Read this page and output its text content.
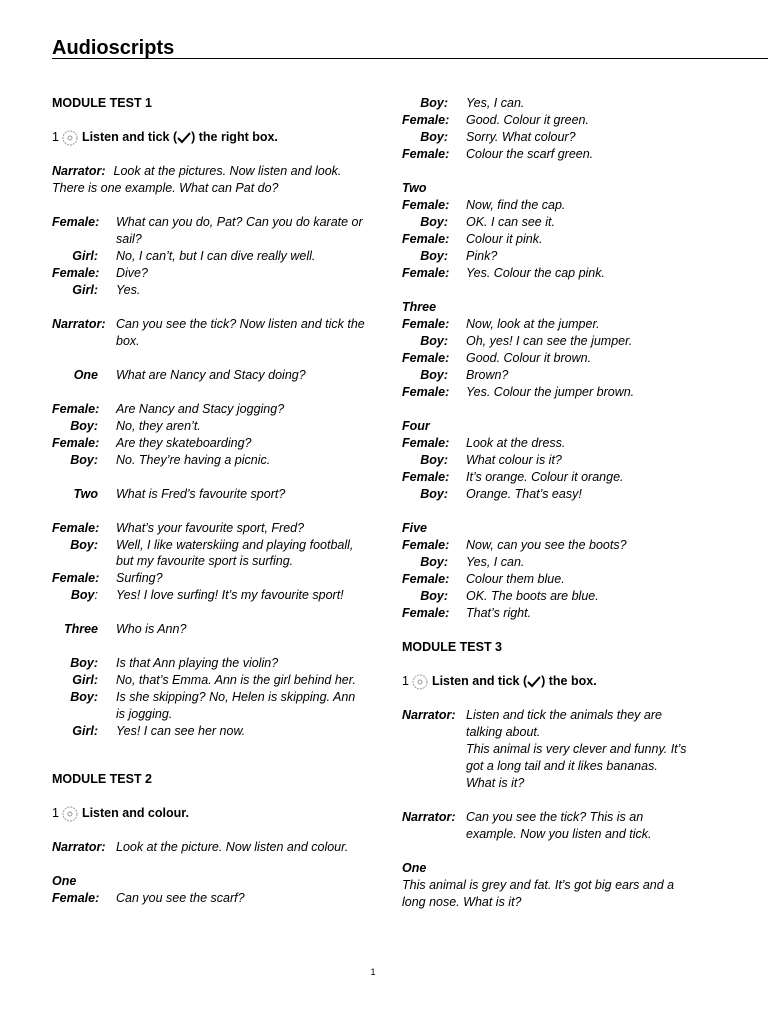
Audioscripts
MODULE TEST 1
1 Listen and tick ( ) the right box.
Narrator: Look at the pictures. Now listen and look.
There is one example. What can Pat do?
Female:	What can you do, Pat? Can you do karate or
sail?
Girl:	No, I can’t, but I can dive really well.
Female:	Dive?
Girl:	Yes.
Narrator: Can you see the tick? Now listen and tick the
box.
One	What are Nancy and Stacy doing?
Female:	Are Nancy and Stacy jogging?
Boy:	No, they aren’t.
Female:	Are they skateboarding?
Boy:	No. They’re having a picnic.
Two	What is Fred’s favourite sport?
Female:	What’s your favourite sport, Fred?
Boy:	Well, I like waterskiing and playing football,
but my favourite sport is surfing.
Female:	Surfing?
Boy:	Yes! I love surfing! It’s my favourite sport!
Three	Who is Ann?
Boy:	Is that Ann playing the violin?
Girl:	No, that’s Emma. Ann is the girl behind her.
Boy:	Is she skipping? No, Helen is skipping. Ann
is jogging.
Girl:	Yes! I can see her now.
MODULE TEST 2
1 Listen and colour.
Narrator: Look at the picture. Now listen and colour.
One
Female:	Can you see the scarf?
Boy:	Yes, I can.
Female:	Good. Colour it green.
Boy:	Sorry. What colour?
Female:	Colour the scarf green.
Two
Female:	Now, find the cap.
Boy:	OK. I can see it.
Female:	Colour it pink.
Boy:	Pink?
Female:	Yes. Colour the cap pink.
Three
Female:	Now, look at the jumper.
Boy:	Oh, yes! I can see the jumper.
Female:	Good. Colour it brown.
Boy:	Brown?
Female:	Yes. Colour the jumper brown.
Four
Female:	Look at the dress.
Boy:	What colour is it?
Female:	It’s orange. Colour it orange.
Boy:	Orange. That’s easy!
Five
Female:	Now, can you see the boots?
Boy:	Yes, I can.
Female:	Colour them blue.
Boy:	OK. The boots are blue.
Female:	That’s right.
MODULE TEST 3
1 Listen and tick ( ) the box.
Narrator: Listen and tick the animals they are
talking about.
This animal is very clever and funny. It’s
got a long tail and it likes bananas.
What is it?
Narrator: Can you see the tick? This is an
example. Now you listen and tick.
One
This animal is grey and fat. It’s got big ears and a
long nose. What is it?
1
